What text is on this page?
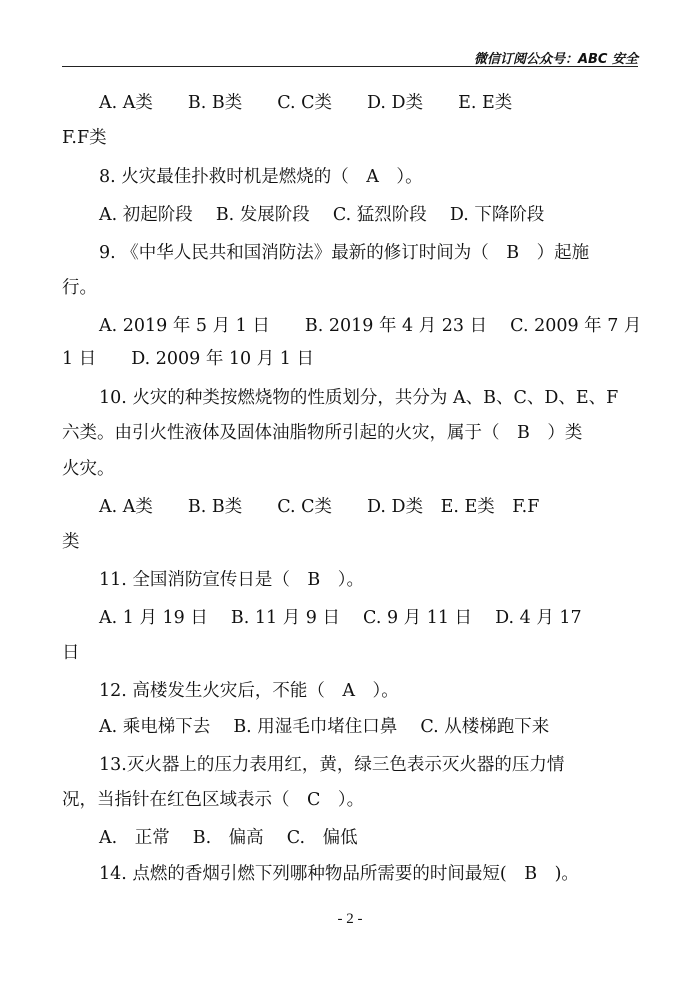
微信订阅公众号：ABC 安全
A. A类　　B. B类　　C. C类　　D. D类　　E. E类
F.F类
8. 火灾最佳扑救时机是燃烧的（　A　）。
A. 初起阶段　 B. 发展阶段　 C. 猛烈阶段　 D. 下降阶段
9. 《中华人民共和国消防法》最新的修订时间为（　B　）起施
行。
A. 2019 年 5 月 1 日　　B. 2019 年 4 月 23 日　 C. 2009 年 7 月
1 日　　D. 2009 年 10 月 1 日
10. 火灾的种类按燃烧物的性质划分，共分为 A、B、C、D、E、F
六类。由引火性液体及固体油脂物所引起的火灾，属于（　B　）类
火灾。
A. A类　　B. B类　　C. C类　　D. D类　E. E类　F.F
类
11. 全国消防宣传日是（　B　）。
A. 1 月 19 日　 B. 11 月 9 日　 C. 9 月 11 日　 D. 4 月 17
日
12. 高楼发生火灾后，不能（　A　）。
A. 乘电梯下去　 B. 用湿毛巾堵住口鼻　 C. 从楼梯跑下来
13.灭火器上的压力表用红，黄，绿三色表示灭火器的压力情
况，当指针在红色区域表示（　C　）。
A.　正常　 B.　偏高　 C.　偏低
14. 点燃的香烟引燃下列哪种物品所需要的时间最短(　B　)。
- 2 -
